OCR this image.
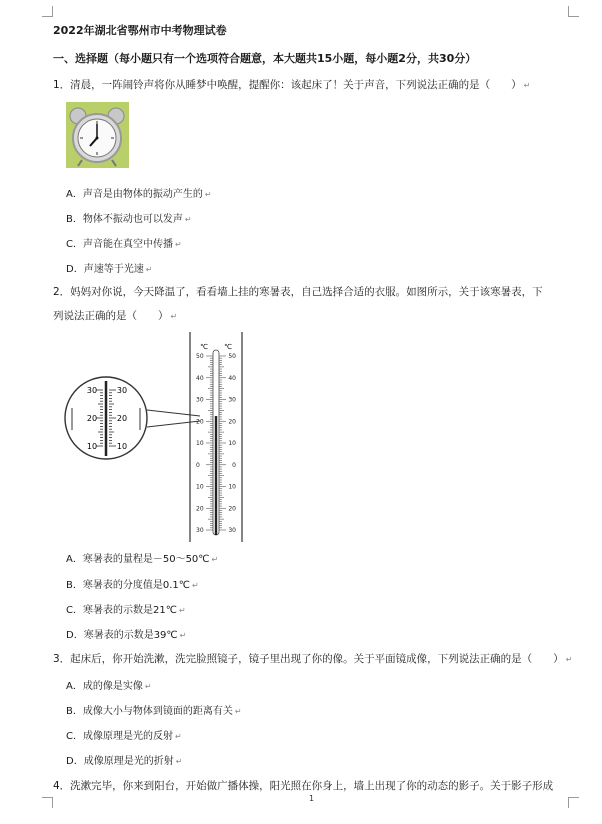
2022年湖北省鄂州市中考物理试卷
一、选择题（每小题只有一个选项符合题意，本大题共15小题，每小题2分，共30分）
1．清晨，一阵闹铃声将你从睡梦中唤醒，提醒你：该起床了！关于声音，下列说法正确的是（　　） ↵
A．声音是由物体的振动产生的 ↵
B．物体不振动也可以发声 ↵
C．声音能在真空中传播 ↵
D．声速等于光速 ↵
2．妈妈对你说，今天降温了，看看墙上挂的寒暑表，自己选择合适的衣服。如图所示，关于该寒暑表，下
列说法正确的是（　　） ↵
30
20
10
30
20
10
℃ ℃
50	50
40	40
30	30
20	20
10	10
0	0
10	10
20	20
30	30
A．寒暑表的量程是－50～50℃ ↵
B．寒暑表的分度值是0.1℃ ↵
C．寒暑表的示数是21℃ ↵
D．寒暑表的示数是39℃ ↵
3．起床后，你开始洗漱，洗完脸照镜子，镜子里出现了你的像。关于平面镜成像，下列说法正确的是（　　） ↵
A．成的像是实像 ↵
B．成像大小与物体到镜面的距离有关 ↵
C．成像原理是光的反射 ↵
D．成像原理是光的折射 ↵
4．洗漱完毕，你来到阳台，开始做广播体操，阳光照在你身上，墙上出现了你的动态的影子。关于影子形成
1
